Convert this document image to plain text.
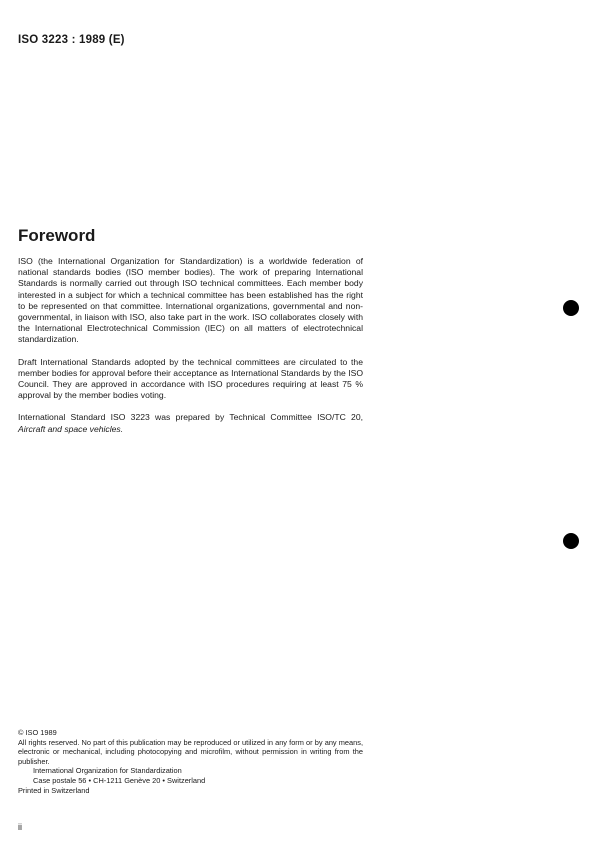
ISO 3223 : 1989 (E)
Foreword

ISO (the International Organization for Standardization) is a worldwide federation of national standards bodies (ISO member bodies). The work of preparing International Standards is normally carried out through ISO technical committees. Each member body interested in a subject for which a technical committee has been established has the right to be represented on that committee. International organizations, governmental and non-governmental, in liaison with ISO, also take part in the work. ISO collaborates closely with the International Electrotechnical Commission (IEC) on all matters of electrotechnical standardization.

Draft International Standards adopted by the technical committees are circulated to the member bodies for approval before their acceptance as International Standards by the ISO Council. They are approved in accordance with ISO procedures requiring at least 75 % approval by the member bodies voting.

International Standard ISO 3223 was prepared by Technical Committee ISO/TC 20, Aircraft and space vehicles.

© ISO 1989
All rights reserved. No part of this publication may be reproduced or utilized in any form or by any means, electronic or mechanical, including photocopying and microfilm, without permission in writing from the publisher.
International Organization for Standardization
Case postale 56 • CH-1211 Genève 20 • Switzerland
Printed in Switzerland
ii
